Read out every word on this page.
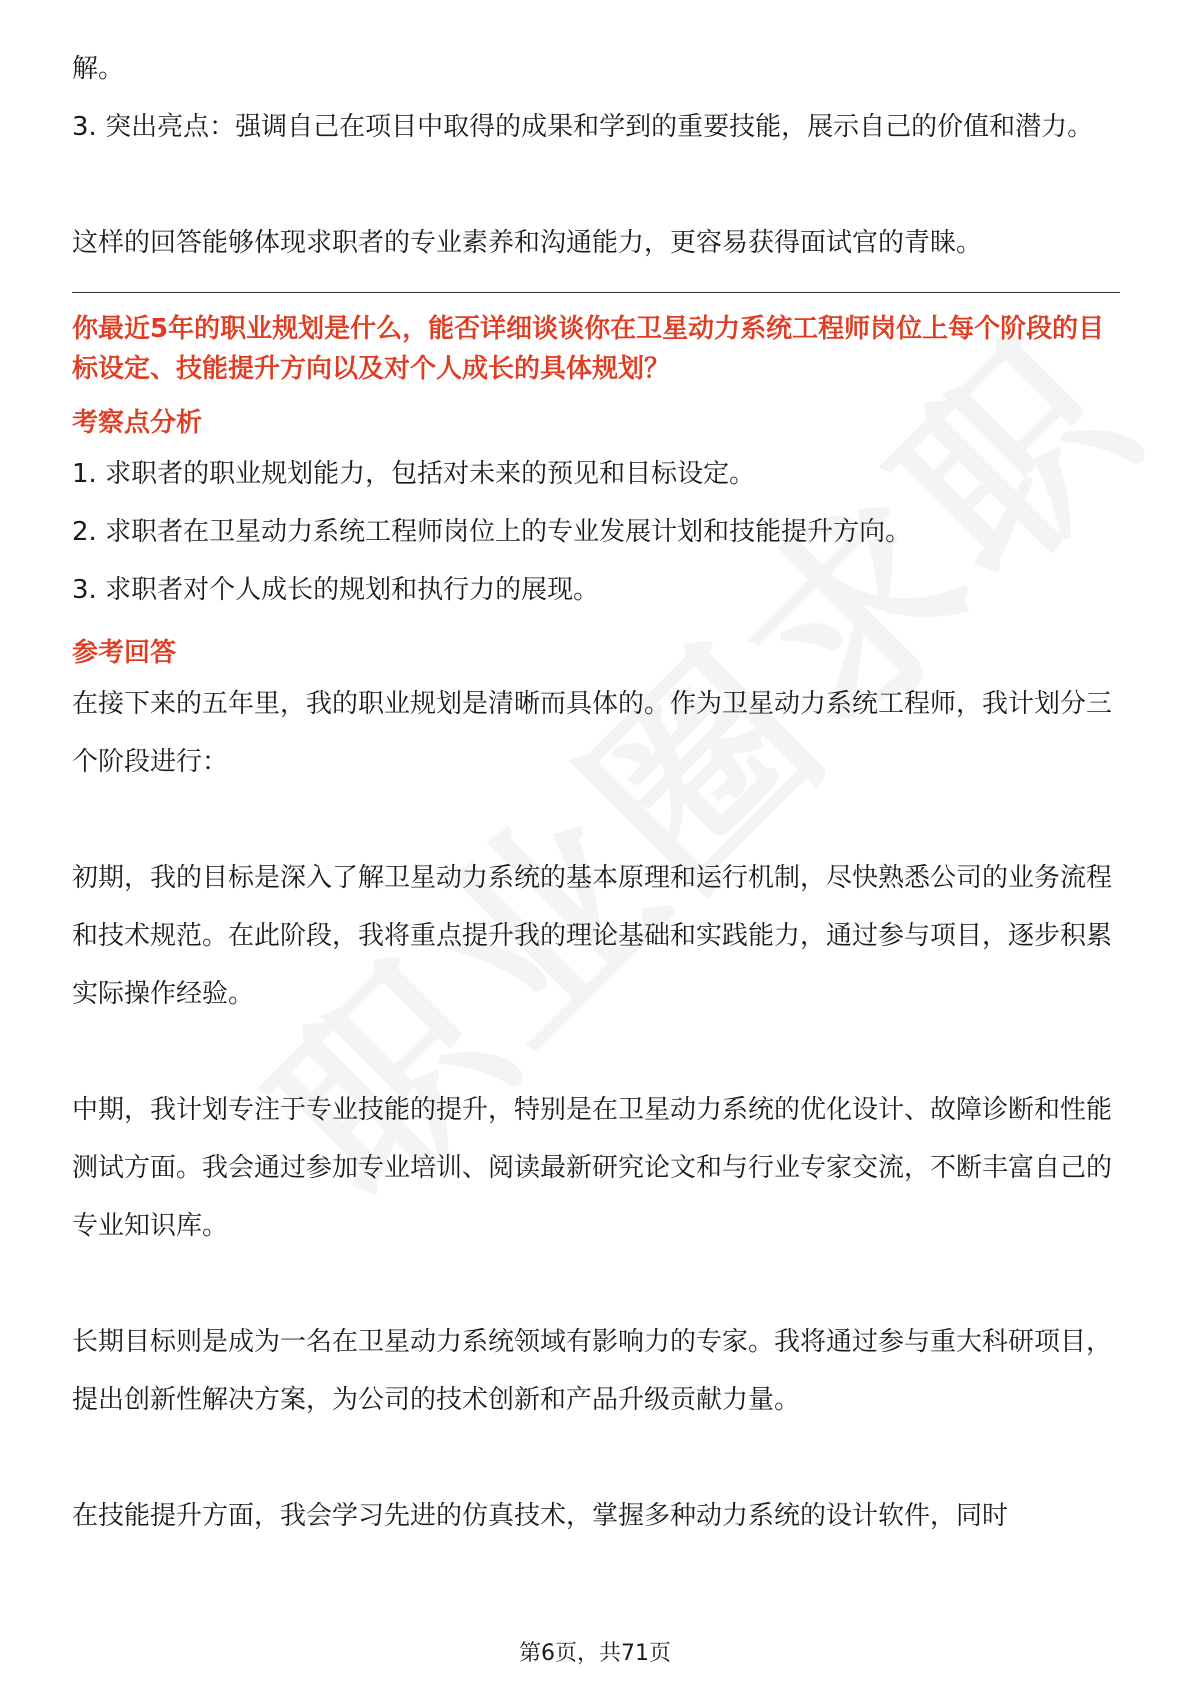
解。

3. 突出亮点：强调自己在项目中取得的成果和学到的重要技能，展示自己的价值和潜力。

这样的回答能够体现求职者的专业素养和沟通能力，更容易获得面试官的青睐。

你最近5年的职业规划是什么，能否详细谈谈你在卫星动力系统工程师岗位上每个阶段的目标设定、技能提升方向以及对个人成长的具体规划？

考察点分析

1. 求职者的职业规划能力，包括对未来的预见和目标设定。

2. 求职者在卫星动力系统工程师岗位上的专业发展计划和技能提升方向。

3. 求职者对个人成长的规划和执行力的展现。

参考回答

在接下来的五年里，我的职业规划是清晰而具体的。作为卫星动力系统工程师，我计划分三个阶段进行：

初期，我的目标是深入了解卫星动力系统的基本原理和运行机制，尽快熟悉公司的业务流程和技术规范。在此阶段，我将重点提升我的理论基础和实践能力，通过参与项目，逐步积累实际操作经验。

中期，我计划专注于专业技能的提升，特别是在卫星动力系统的优化设计、故障诊断和性能测试方面。我会通过参加专业培训、阅读最新研究论文和与行业专家交流，不断丰富自己的专业知识库。

长期目标则是成为一名在卫星动力系统领域有影响力的专家。我将通过参与重大科研项目，提出创新性解决方案，为公司的技术创新和产品升级贡献力量。

在技能提升方面，我会学习先进的仿真技术，掌握多种动力系统的设计软件，同时

第6页，共71页
